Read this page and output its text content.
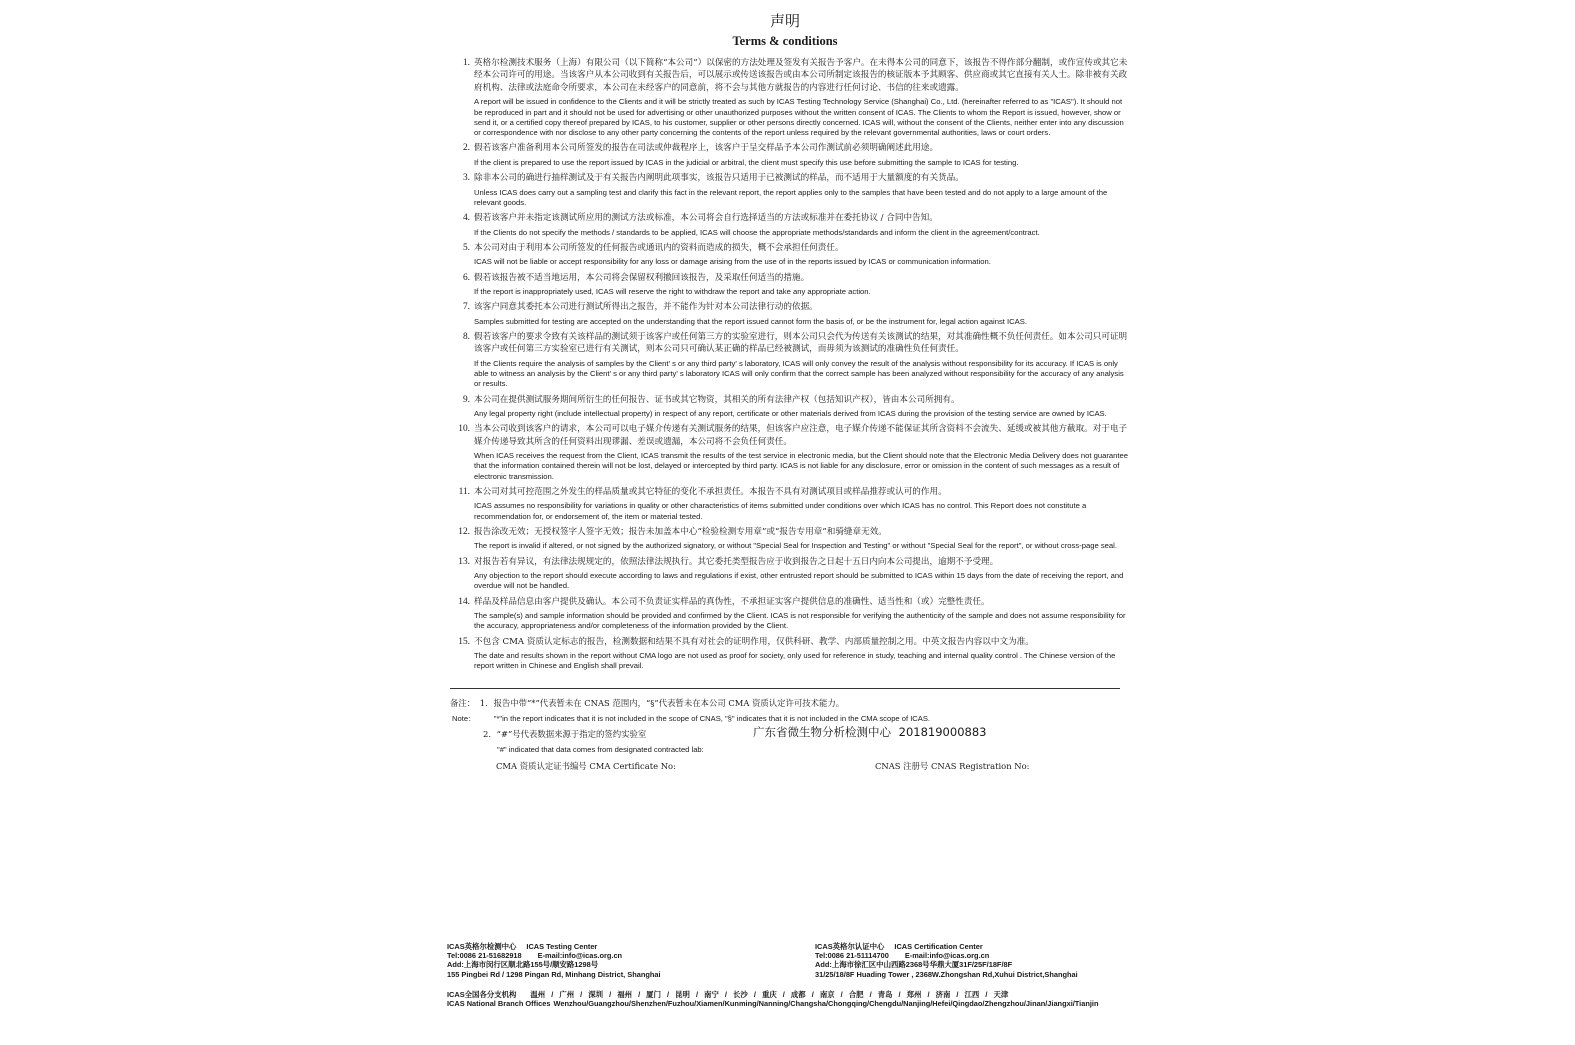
声明
Terms & conditions
1. 英格尔检测技术服务（上海）有限公司（以下简称“本公司”）以保密的方法处理及签发有关报告予客户。在未得本公司的同意下，该报告不得作部分翻制，或作宣传或其它未经本公司许可的用途。当该客户从本公司收到有关报告后，可以展示或传送该报告或由本公司所制定该报告的核证版本予其顾客、供应商或其它直接有关人士。除非被有关政府机构、法律或法庭命令所要求，本公司在未经客户的同意前，将不会与其他方就报告的内容进行任何讨论、书信的往来或遗露。
A report will be issued in confidence to the Clients and it will be strictly treated as such by ICAS Testing Technology Service (Shanghai) Co., Ltd. (hereinafter referred to as "ICAS"). It should not be reproduced in part and it should not be used for advertising or other unauthorized purposes without the written consent of ICAS. The Clients to whom the Report is issued, however, show or send it, or a certified copy thereof prepared by ICAS, to his customer, supplier or other persons directly concerned. ICAS will, without the consent of the Clients, neither enter into any discussion or correspondence with nor disclose to any other party concerning the contents of the report unless required by the relevant governmental authorities, laws or court orders.
2. 假若该客户准备利用本公司所签发的报告在司法或仲裁程序上，该客户于呈交样品予本公司作测试前必须明确阐述此用途。
If the client is prepared to use the report issued by ICAS in the judicial or arbitral, the client must specify this use before submitting the sample to ICAS for testing.
3. 除非本公司的确进行抽样测试及于有关报告内阐明此项事实，该报告只适用于已被测试的样品，而不适用于大量额度的有关货品。
Unless ICAS does carry out a sampling test and clarify this fact in the relevant report, the report applies only to the samples that have been tested and do not apply to a large amount of the relevant goods.
4. 假若该客户并未指定该测试所应用的测试方法或标准，本公司将会自行选择适当的方法或标准并在委托协议 / 合同中告知。
If the Clients do not specify the methods / standards to be applied, ICAS will choose the appropriate methods/standards and inform the client in the agreement/contract.
5. 本公司对由于利用本公司所签发的任何报告或通讯内的资料而造成的损失，概不会承担任何责任。
ICAS will not be liable or accept responsibility for any loss or damage arising from the use of in the reports issued by ICAS or communication information.
6. 假若该报告被不适当地运用，本公司将会保留权利撤回该报告，及采取任何适当的措施。
If the report is inappropriately used, ICAS will reserve the right to withdraw the report and take any appropriate action.
7. 该客户同意其委托本公司进行测试所得出之报告，并不能作为针对本公司法律行动的依据。
Samples submitted for testing are accepted on the understanding that the report issued cannot form the basis of, or be the instrument for, legal action against ICAS.
8. 假若该客户的要求令致有关该样品的测试须于该客户或任何第三方的实验室进行，则本公司只会代为传送有关该测试的结果，对其准确性概不负任何责任。如本公司只可证明该客户或任何第三方实验室已进行有关测试，则本公司只可确认某正确的样品已经被测试，而毋须为该测试的准确性负任何责任。
If the Clients require the analysis of samples by the Client' s or any third party' s laboratory, ICAS will only convey the result of the analysis without responsibility for its accuracy. If ICAS is only able to witness an analysis by the Client' s or any third party' s laboratory ICAS will only confirm that the correct sample has been analyzed without responsibility for the accuracy of any analysis or results.
9. 本公司在提供测试服务期间所衍生的任何报告、证书或其它物资，其相关的所有法律产权（包括知识产权），皆由本公司所拥有。
Any legal property right (include intellectual property) in respect of any report, certificate or other materials derived from ICAS during the provision of the testing service are owned by ICAS.
10. 当本公司收到该客户的请求，本公司可以电子媒介传递有关测试服务的结果，但该客户应注意，电子媒介传递不能保证其所含资料不会流失、延缓或被其他方截取。对于电子媒介传递导致其所含的任何资料出现谬漏、差误或遗漏，本公司将不会负任何责任。
When ICAS receives the request from the Client, ICAS transmit the results of the test service in electronic media, but the Client should note that the Electronic Media Delivery does not guarantee that the information contained therein will not be lost, delayed or intercepted by third party. ICAS is not liable for any disclosure, error or omission in the content of such messages as a result of electronic transmission.
11. 本公司对其可控范围之外发生的样品质量或其它特征的变化不承担责任。本报告不具有对测试项目或样品推荐或认可的作用。
ICAS assumes no responsibility for variations in quality or other characteristics of items submitted under conditions over which ICAS has no control. This Report does not constitute a recommendation for, or endorsement of, the item or material tested.
12. 报告涂改无效；无授权签字人签字无效；报告未加盖本中心“检验检测专用章”或“报告专用章”和骑缝章无效。
The report is invalid if altered, or not signed by the authorized signatory, or without "Special Seal for Inspection and Testing" or without "Special Seal for the report", or without cross-page seal.
13. 对报告若有异议，有法律法规规定的，依照法律法规执行。其它委托类型报告应于收到报告之日起十五日内向本公司提出，逾期不予受理。
Any objection to the report should execute according to laws and regulations if exist, other entrusted report should be submitted to ICAS within 15 days from the date of receiving the report, and overdue will not be handled.
14. 样品及样品信息由客户提供及确认。本公司不负责证实样品的真伪性，不承担证实客户提供信息的准确性、适当性和（或）完整性责任。
The sample(s) and sample information should be provided and confirmed by the Client. ICAS is not responsible for verifying the authenticity of the sample and does not assume responsibility for the accuracy, appropriateness and/or completeness of the information provided by the Client.
15. 不包含 CMA 资质认定标志的报告，检测数据和结果不具有对社会的证明作用，仅供科研、教学、内部质量控制之用。中英文报告内容以中文为准。
The date and results shown in the report without CMA logo are not used as proof for society, only used for reference in study, teaching and internal quality control . The Chinese version of the report written in Chinese and English shall prevail.
备注： 1. 报告中带“*”代表暂未在 CNAS 范围内，“§”代表暂未在本公司 CMA 资质认定许可技术能力。
Note： "*"in the report indicates that it is not included in the scope of CNAS, "§" indicates that it is not included in the CMA scope of ICAS.
2. “#”号代表数据来源于指定的签约实验室	广东省微生物分析检测中心 201819000883
"#" indicated that data comes from designated contracted lab:
CMA 资质认定证书编号 CMA Certificate No:	CNAS 注册号 CNAS Registration No:
ICAS英格尔检测中心 ICAS Testing Center
Tel:0086 21-51682918 E-mail:info@icas.org.cn
Add:上海市闵行区顺北路155号/顺安路1298号
155 Pingbei Rd / 1298 Pingan Rd, Minhang District, Shanghai
ICAS英格尔认证中心 ICAS Certification Center
Tel:0086 21-51114700 E-mail:info@icas.org.cn
Add:上海市徐汇区中山西路2368号华鼎大厦31F/25F/18F/8F
31/25/18/8F Huading Tower , 2368W.Zhongshan Rd,Xuhui District,Shanghai
ICAS全国各分支机构 温州 / 广州 / 深圳 / 福州 / 厦门 / 昆明 / 南宁 / 长沙 / 重庆 / 成都 / 南京 / 合肥 / 青岛 / 郑州 / 济南 / 江西 / 天津
ICAS National Branch Offices Wenzhou/Guangzhou/Shenzhen/Fuzhou/Xiamen/Kunming/Nanning/Changsha/Chongqing/Chengdu/Nanjing/Hefei/Qingdao/Zhengzhou/Jinan/Jiangxi/Tianjin
